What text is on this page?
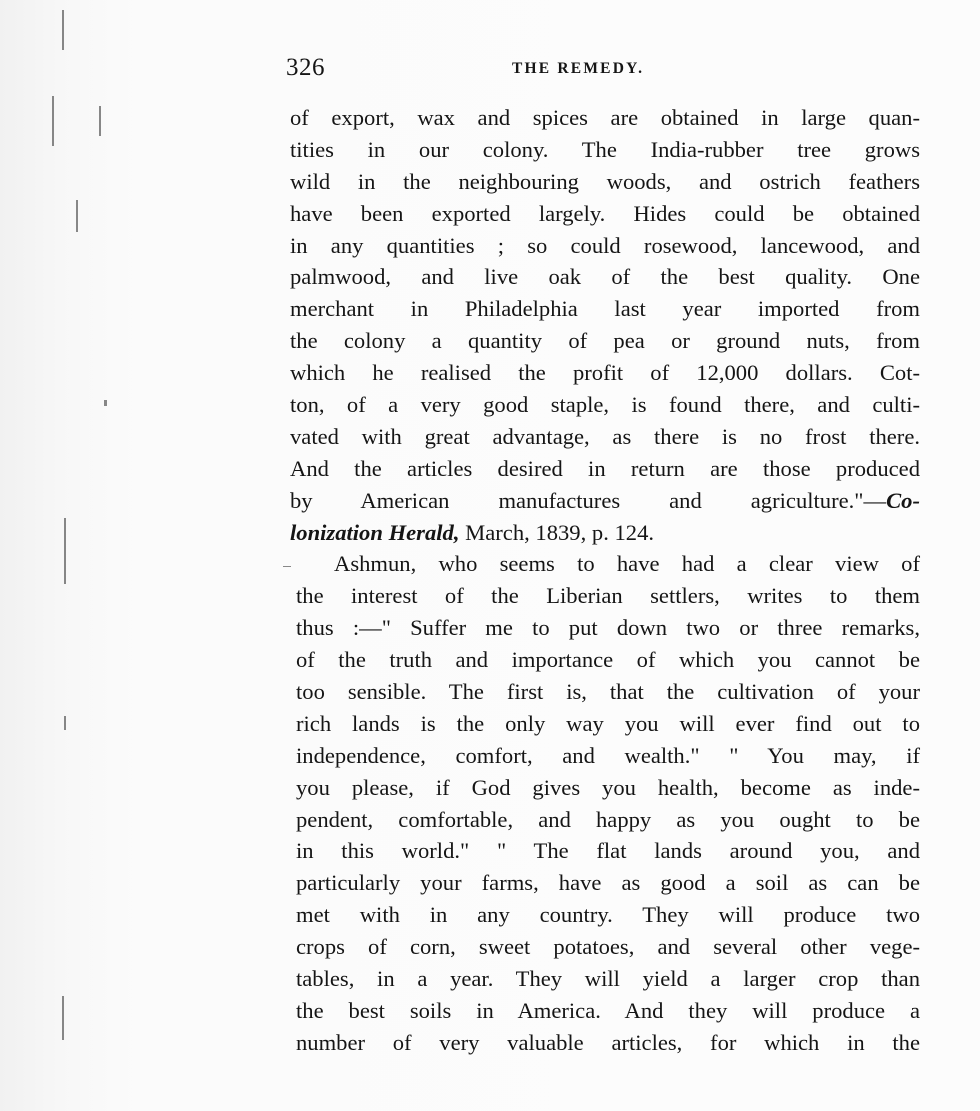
326	THE REMEDY.
of export, wax and spices are obtained in large quan-
tities in our colony. The India-rubber tree grows
wild in the neighbouring woods, and ostrich feathers
have been exported largely. Hides could be obtained
in any quantities ; so could rosewood, lancewood, and
palmwood, and live oak of the best quality. One
merchant in Philadelphia last year imported from
the colony a quantity of pea or ground nuts, from
which he realised the profit of 12,000 dollars. Cot-
ton, of a very good staple, is found there, and culti-
vated with great advantage, as there is no frost there.
And the articles desired in return are those produced
by American manufactures and agriculture."—Co-
lonization Herald, March, 1839, p. 124.
Ashmun, who seems to have had a clear view of
the interest of the Liberian settlers, writes to them
thus :—" Suffer me to put down two or three remarks,
of the truth and importance of which you cannot be
too sensible. The first is, that the cultivation of your
rich lands is the only way you will ever find out to
independence, comfort, and wealth." " You may, if
you please, if God gives you health, become as inde-
pendent, comfortable, and happy as you ought to be
in this world." " The flat lands around you, and
particularly your farms, have as good a soil as can be
met with in any country. They will produce two
crops of corn, sweet potatoes, and several other vege-
tables, in a year. They will yield a larger crop than
the best soils in America. And they will produce a
number of very valuable articles, for which in the
